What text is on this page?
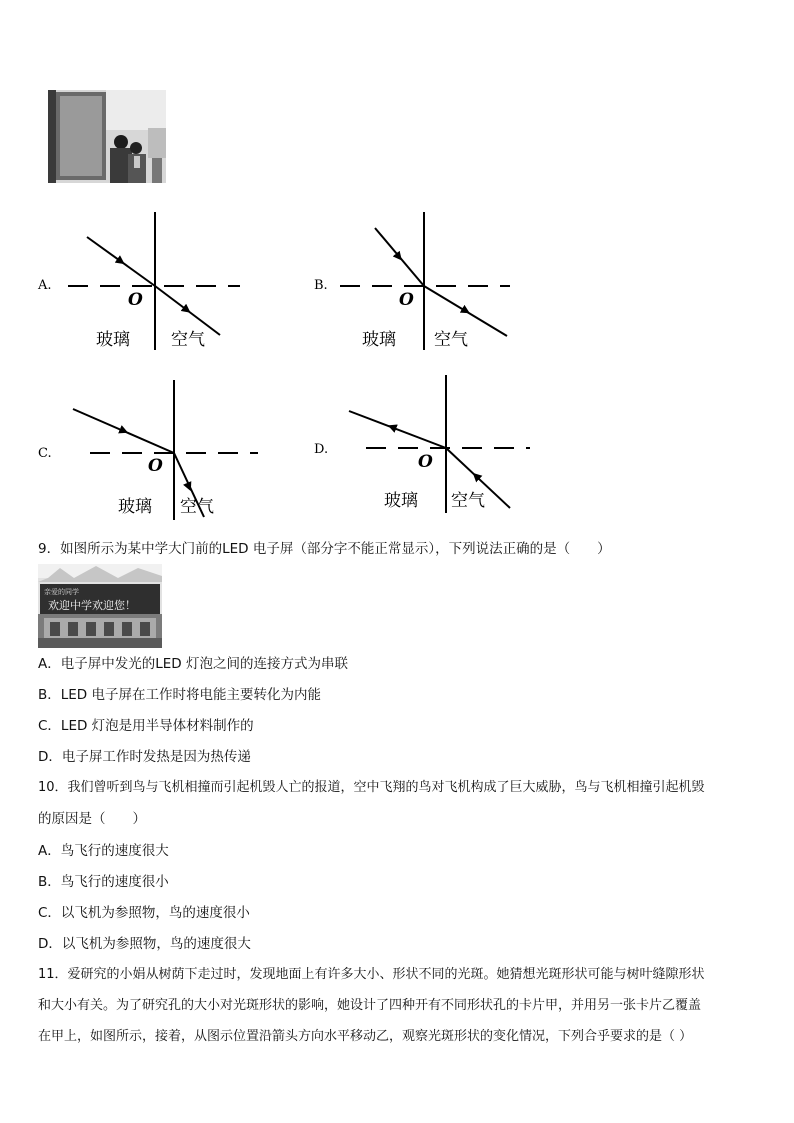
A.
O
玻璃 空气
B.
O
玻璃 空气
C.
O
玻璃 空气
D.
O
玻璃 空气
9．如图所示为某中学大门前的LED 电子屏（部分字不能正常显示），下列说法正确的是（　　）
亲爱的同学
欢迎中学欢迎您！
A．电子屏中发光的LED 灯泡之间的连接方式为串联
B．LED 电子屏在工作时将电能主要转化为内能
C．LED 灯泡是用半导体材料制作的
D．电子屏工作时发热是因为热传递
10．我们曾听到鸟与飞机相撞而引起机毁人亡的报道，空中飞翔的鸟对飞机构成了巨大威胁，鸟与飞机相撞引起机毁
的原因是（　　）
A．鸟飞行的速度很大
B．鸟飞行的速度很小
C．以飞机为参照物，鸟的速度很小
D．以飞机为参照物，鸟的速度很大
11．爱研究的小娟从树荫下走过时，发现地面上有许多大小、形状不同的光斑。她猜想光斑形状可能与树叶缝隙形状
和大小有关。为了研究孔的大小对光斑形状的影响，她设计了四种开有不同形状孔的卡片甲，并用另一张卡片乙覆盖
在甲上，如图所示，接着，从图示位置沿箭头方向水平移动乙，观察光斑形状的变化情况，下列合乎要求的是（ ）
